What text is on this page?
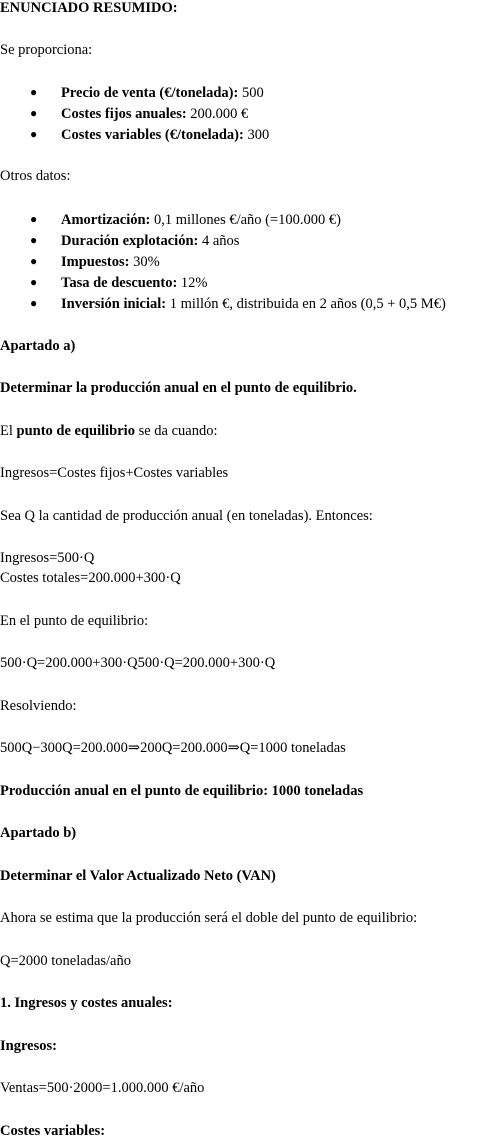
ENUNCIADO RESUMIDO:
Se proporciona:
● Precio de venta (€/tonelada): 500
● Costes fijos anuales: 200.000 €
● Costes variables (€/tonelada): 300
Otros datos:
● Amortización: 0,1 millones €/año (=100.000 €)
● Duración explotación: 4 años
● Impuestos: 30%
● Tasa de descuento: 12%
● Inversión inicial: 1 millón €, distribuida en 2 años (0,5 + 0,5 M€)
Apartado a)
Determinar la producción anual en el punto de equilibrio.
El punto de equilibrio se da cuando:
Ingresos=Costes fijos+Costes variables
Sea Q la cantidad de producción anual (en toneladas). Entonces:
Ingresos=500·Q
Costes totales=200.000+300·Q
En el punto de equilibrio:
500·Q=200.000+300·Q500·Q=200.000+300·Q
Resolviendo:
500Q−300Q=200.000⇒200Q=200.000⇒Q=1000 toneladas
Producción anual en el punto de equilibrio: 1000 toneladas
Apartado b)
Determinar el Valor Actualizado Neto (VAN)
Ahora se estima que la producción será el doble del punto de equilibrio:
Q=2000 toneladas/año
1. Ingresos y costes anuales:
Ingresos:
Ventas=500·2000=1.000.000 €/año
Costes variables:
